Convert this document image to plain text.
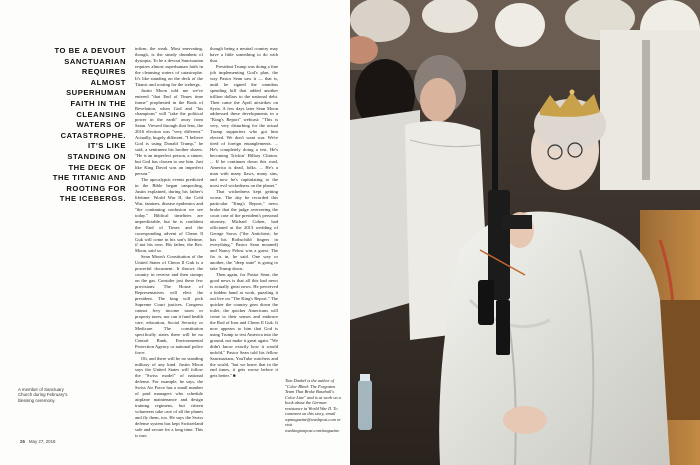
TO BE A DEVOUT SANCTUARIAN REQUIRES ALMOST SUPERHUMAN FAITH IN THE CLEANSING WATERS OF CATASTROPHE. IT'S LIKE STANDING ON THE DECK OF THE TITANIC AND ROOTING FOR THE ICEBERGS.

infirm, the weak. Most enervating, though, is the steady drumbeat of dystopia. To be a devout Sanctuarian requires almost superhuman faith in the cleansing waters of catastrophe. It's like standing on the deck of the Titanic and rooting for the icebergs.

Justin Moon told me we've entered "that End of Times time frame" prophesied in the Book of Revelation, when God and "his champions" will "take the political power in the earth" away from Satan. Viewed through that lens, the 2016 election was "very different." Actually, hugely different. "I believe God is using Donald Trump," he said, a sentiment his brother shares. "He is an imperfect person, a sinner, but God has chosen to use him. Just like King David was an imperfect person."

The apocalyptic events predicted in the Bible began unspooling, Justin explained, during his father's lifetime: World War II, the Cold War, famines, disease epidemics and "the continuing confusion we see today." Biblical timelines are unpredictable, but he is confident the End of Times and the corresponding advent of Cheon Il Guk will come in his son's lifetime, if not his own. His father, the Rev. Moon, said so.

Sean Moon's Constitution of the United States of Cheon Il Guk is a powerful document. It throws the country in reverse and then stomps on the gas. Consider just these few provisions: The House of Representatives will elect the president. The king will pick Supreme Court justices. Congress cannot levy income taxes or property taxes; nor can it fund health care, education, Social Security or Medicare. The constitution specifically states there will be no Central Bank, Environmental Protection Agency or national police force.

Oh, and there will be no standing military of any kind. Justin Moon says the United States will follow the "Swiss model" of national defense. For example, he says, the Swiss Air Force has a small number of paid managers who schedule airplane maintenance and design training regimens, but citizen volunteers take care of all the planes and fly them, too. He says the Swiss defense system has kept Switzerland safe and secure for a long time. This is true,

though being a neutral country may have a little something to do with that.

President Trump was doing a fine job implementing God's plan, the way Pastor Sean saw it — that is, until he signed the omnibus spending bill that added another trillion dollars to the national debt. Then came the April airstrikes on Syria. A few days later Sean Moon addressed these developments in a "King's Report" webcast: "This is very, very disturbing for the actual Trump supporters who got him elected. We don't want war. We're tired of foreign entanglements. ... He's completely doing a test. He's becoming Trickin' Hillary Clinton. ... If he continues down this road, America is dead, folks. ... He's a man with many flaws, many sins, and now he's capitulating to the most evil wickedness on the planet."

That wickedness kept getting worse. The day he recorded this particular "King's Report," news broke that the judge overseeing the court case of the president's personal attorney, Michael Cohen, had officiated at the 2013 wedding of George Soros ("the Antichrist; he has his Rothschild fingers in everything," Pastor Sean moaned) and Nancy Pelosi was a guest. The fix is in, he said. One way or another, the "deep state" is going to take Trump down.

Then again, for Pastor Sean, the good news is that all this bad news is actually great news. He perceived a hidden hand at work, puzzling it out live on "The King's Report." The quicker the country goes down the toilet, the quicker Americans will come to their senses and embrace the Rod of Iron and Cheon Il Guk. It now appears to him that God is using Trump to test America into the ground, not make it great again. "We didn't know exactly how it would unfold," Pastor Sean told his fellow Sanctuarians, YouTube watchers and the world, "but we knew that in the end times, it gets worse before it gets better." ■

Tom Dunkel is the author of "Color Blind: The Forgotten Team That Broke Baseball's Color Line" and is at work on a book about the German resistance in World War II. To comment on this story, email wpmagazine@washpost.com or visit washingtonpost.com/magazine.
A member of Sanctuary Church during February's blessing ceremony.
26 May 27, 2018
